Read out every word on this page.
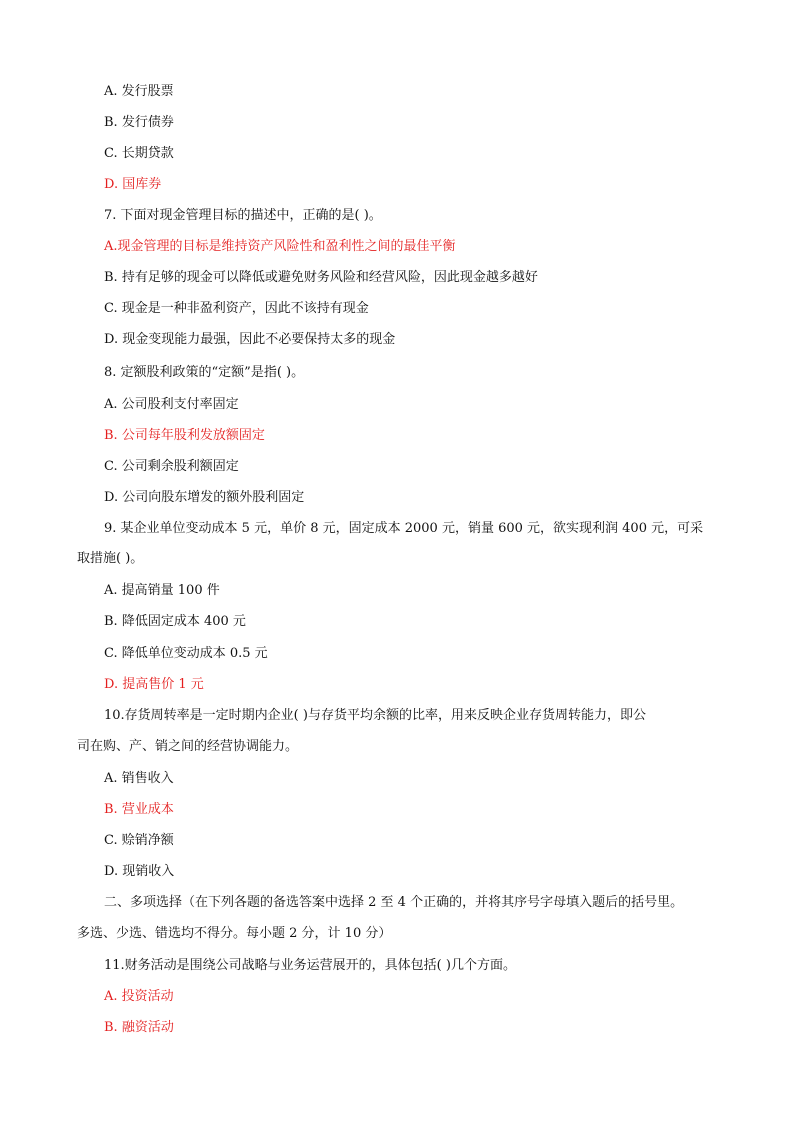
A. 发行股票
B. 发行债券
C. 长期贷款
D. 国库券
7. 下面对现金管理目标的描述中，正确的是( )。
A.现金管理的目标是维持资产风险性和盈利性之间的最佳平衡
B. 持有足够的现金可以降低或避免财务风险和经营风险，因此现金越多越好
C. 现金是一种非盈利资产，因此不该持有现金
D. 现金变现能力最强，因此不必要保持太多的现金
8. 定额股利政策的“定额”是指( )。
A. 公司股利支付率固定
B. 公司每年股利发放额固定
C. 公司剩余股利额固定
D. 公司向股东增发的额外股利固定
9. 某企业单位变动成本 5 元，单价 8 元，固定成本 2000 元，销量 600 元，欲实现利润 400 元，可采
取措施( )。
A. 提高销量 100 件
B. 降低固定成本 400 元
C. 降低单位变动成本 0.5 元
D. 提高售价 1 元
10.存货周转率是一定时期内企业( )与存货平均余额的比率，用来反映企业存货周转能力，即公
司在购、产、销之间的经营协调能力。
A. 销售收入
B. 营业成本
C. 赊销净额
D. 现销收入
二、多项选择（在下列各题的备选答案中选择 2 至 4 个正确的，并将其序号字母填入题后的括号里。
多选、少选、错选均不得分。每小题 2 分，计 10 分）
11.财务活动是围绕公司战略与业务运营展开的，具体包括( )几个方面。
A. 投资活动
B. 融资活动
